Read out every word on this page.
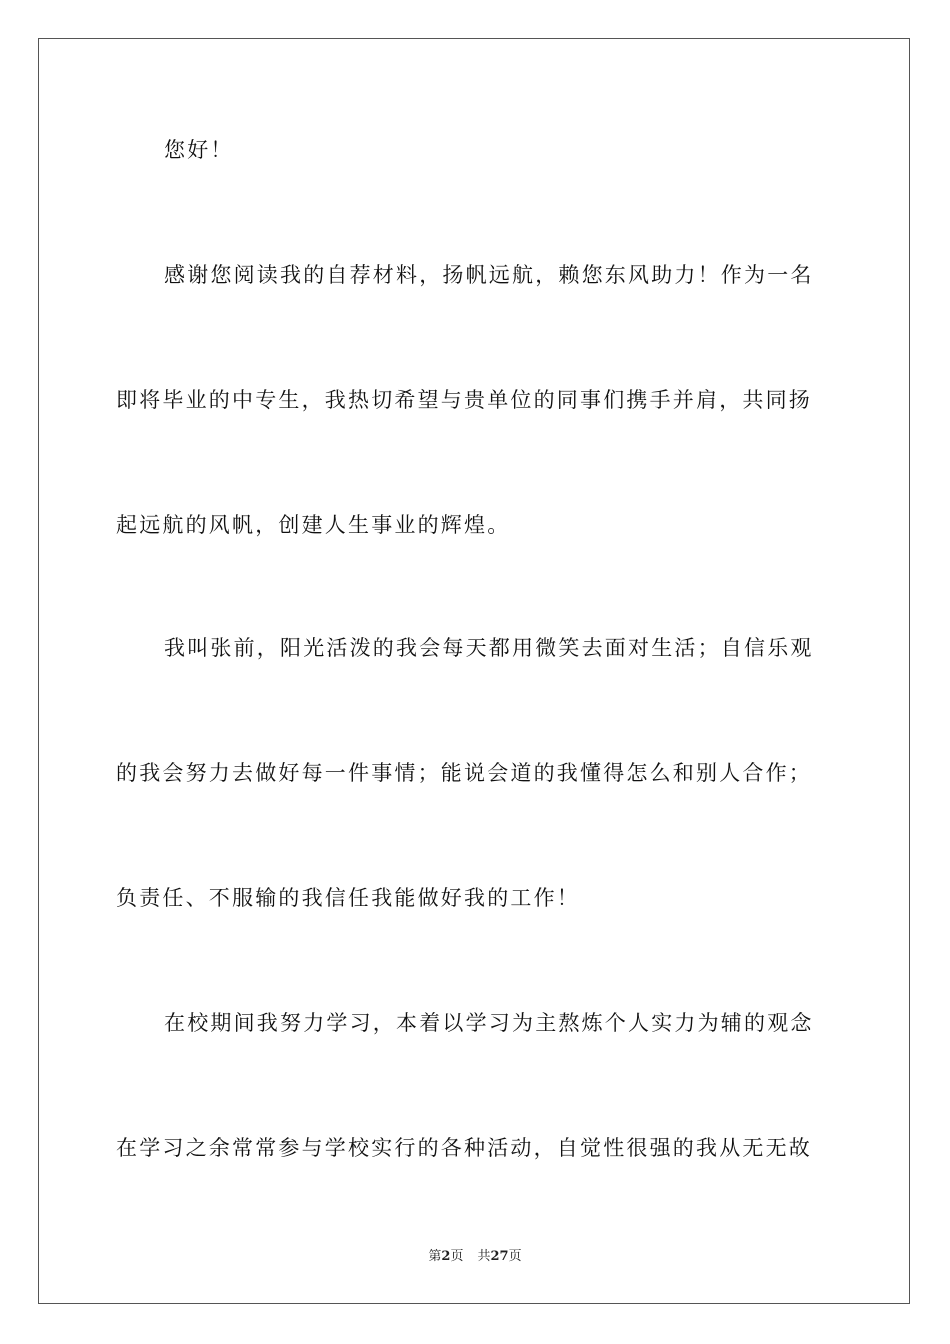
您好！
感谢您阅读我的自荐材料，扬帆远航，赖您东风助力！作为一名
即将毕业的中专生，我热切希望与贵单位的同事们携手并肩，共同扬
起远航的风帆，创建人生事业的辉煌。
我叫张前，阳光活泼的我会每天都用微笑去面对生活；自信乐观
的我会努力去做好每一件事情；能说会道的我懂得怎么和别人合作；
负责任、不服输的我信任我能做好我的工作！
在校期间我努力学习，本着以学习为主熬炼个人实力为辅的观念
在学习之余常常参与学校实行的各种活动，自觉性很强的我从无无故
第2页 共27页
